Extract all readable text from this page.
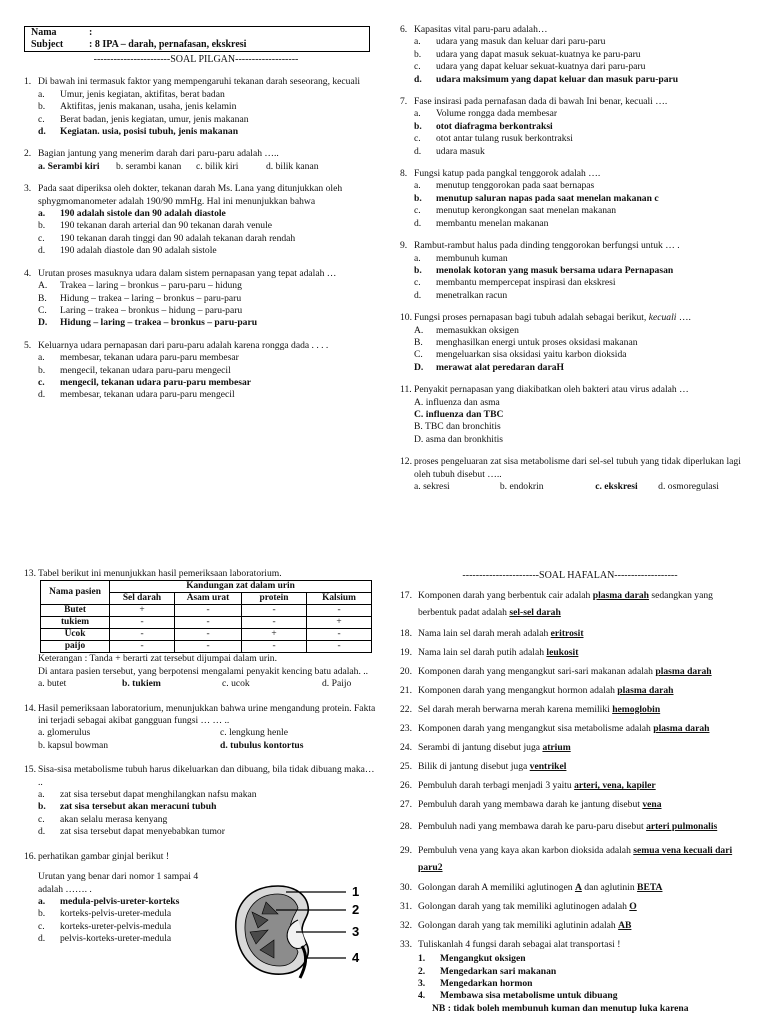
Nama	:
Subject	: 8 IPA – darah, pernafasan, ekskresi
-----------------------SOAL PILGAN-------------------
1. Di bawah ini termasuk faktor yang mempengaruhi tekanan darah seseorang, kecuali
a.	Umur, jenis kegiatan, aktifitas, berat badan
b.	Aktifitas, jenis makanan, usaha, jenis kelamin
c.	Berat badan, jenis kegiatan, umur, jenis makanan
d.	Kegiatan. usia, posisi tubuh, jenis makanan
2. Bagian jantung yang menerim darah dari paru-paru adalah …..
a. Serambi kiri	b. serambi kanan	c. bilik kiri	d. bilik kanan
3. Pada saat diperiksa oleh dokter, tekanan darah Ms. Lana yang ditunjukkan oleh sphygmomanometer adalah 190/90 mmHg. Hal ini menunjukkan bahwa
a.	190 adalah sistole dan 90 adalah diastole
b.	190 tekanan darah arterial dan 90 tekanan darah venule
c.	190 tekanan darah tinggi dan 90 adalah tekanan darah rendah
d.	190 adalah diastole dan 90 adalah sistole
4. Urutan proses masuknya udara dalam sistem pernapasan yang tepat adalah …
A.	Trakea – laring – bronkus – paru-paru – hidung
B.	Hidung – trakea – laring – bronkus – paru-paru
C.	Laring – trakea – bronkus – hidung – paru-paru
D.	Hidung – laring – trakea – bronkus – paru-paru
5. Keluarnya udara pernapasan dari paru-paru adalah karena rongga dada . . . .
a.	membesar, tekanan udara paru-paru membesar
b.	mengecil, tekanan udara paru-paru mengecil
c.	mengecil, tekanan udara paru-paru membesar
d.	membesar, tekanan udara paru-paru mengecil
6. Kapasitas vital paru-paru adalah…
a.	udara yang masuk dan keluar dari paru-paru
b.	udara yang dapat masuk sekuat-kuatnya ke paru-paru
c.	udara yang dapat keluar sekuat-kuatnya dari paru-paru
d.	udara maksimum yang dapat keluar dan masuk paru-paru
7. Fase insirasi pada pernafasan dada di bawah Ini benar, kecuali ….
a.	Volume rongga dada membesar
b.	otot diafragma berkontraksi
c.	otot antar tulang rusuk berkontraksi
d.	udara masuk
8. Fungsi katup pada pangkal tenggorok adalah ….
a.	menutup tenggorokan pada saat bernapas
b.	menutup saluran napas pada saat menelan makanan c
c.	menutup kerongkongan saat menelan makanan
d.	membantu menelan makanan
9. Rambut-rambut halus pada dinding tenggorokan berfungsi untuk … .
a.	membunuh kuman
b.	menolak kotoran yang masuk bersama udara Pernapasan
c.	membantu mempercepat inspirasi dan ekskresi
d.	menetralkan racun
10. Fungsi proses pernapasan bagi tubuh adalah sebagai berikut, kecuali ….
A.	memasukkan oksigen
B.	menghasilkan energi untuk proses oksidasi makanan
C.	mengeluarkan sisa oksidasi yaitu karbon dioksida
D.	merawat alat peredaran daraH
11. Penyakit pernapasan yang diakibatkan oleh bakteri atau virus adalah …
A. influenza dan asma
C. influenza dan TBC
B. TBC dan bronchitis
D. asma dan bronkhitis
12. proses pengeluaran zat sisa metabolisme dari sel-sel tubuh yang tidak diperlukan lagi oleh tubuh disebut …..
a. sekresi	b. endokrin	c. ekskresi	d. osmoregulasi
13. Tabel berikut ini menunjukkan hasil pemeriksaan laboratorium.
Nama pasien	Kandungan zat dalam urin			
	Sel darah	Asam urat	protein	Kalsium
Butet	+	-	-	-
tukiem	-	-	-	+
Ucok	-	-	+	-
paijo	-	-	-	-
Keterangan : Tanda + berarti zat tersebut dijumpai dalam urin.
Di antara pasien tersebut, yang berpotensi mengalami penyakit kencing batu adalah. ..
a. butet	b. tukiem	c. ucok	d. Paijo
14. Hasil pemeriksaan laboratorium, menunjukkan bahwa urine mengandung protein. Fakta ini terjadi sebagai akibat gangguan fungsi … … ..
a. glomerulus	c. lengkung henle
b. kapsul bowman	d. tubulus kontortus
15. Sisa-sisa metabolisme tubuh harus dikeluarkan dan dibuang, bila tidak dibuang maka… ..
a.	zat sisa tersebut dapat menghilangkan nafsu makan
b.	zat sisa tersebut akan meracuni tubuh
c.	akan selalu merasa kenyang
d.	zat sisa tersebut dapat menyebabkan tumor
16. perhatikan gambar ginjal berikut !
Urutan yang benar dari nomor 1 sampai 4 adalah ……. .
a.	medula-pelvis-ureter-korteks
b.	korteks-pelvis-ureter-medula
c.	korteks-ureter-pelvis-medula
d.	pelvis-korteks-ureter-medula
1
2
3
4
-----------------------SOAL HAFALAN-------------------
17. Komponen darah yang berbentuk cair adalah plasma darah sedangkan yang berbentuk padat adalah sel-sel darah
18. Nama lain sel darah merah adalah eritrosit
19. Nama lain sel darah putih adalah leukosit
20. Komponen darah yang mengangkut sari-sari makanan adalah plasma darah
21. Komponen darah yang mengangkut hormon adalah plasma darah
22. Sel darah merah berwarna merah karena memiliki hemoglobin
23. Komponen darah yang mengangkut sisa metabolisme adalah plasma darah
24. Serambi di jantung disebut juga atrium
25. Bilik di jantung disebut juga ventrikel
26. Pembuluh darah terbagi menjadi 3 yaitu arteri, vena, kapiler
27. Pembuluh darah yang membawa darah ke jantung disebut vena
28. Pembuluh nadi yang membawa darah ke paru-paru disebut arteri pulmonalis
29. Pembuluh vena yang kaya akan karbon dioksida adalah semua vena kecuali dari paru2
30. Golongan darah A memiliki aglutinogen A dan aglutinin BETA
31. Golongan darah yang tak memiliki aglutinogen adalah O
32. Golongan darah yang tak memiliki aglutinin adalah AB
33. Tuliskanlah 4 fungsi darah sebagai alat transportasi !
1.	Mengangkut oksigen
2.	Mengedarkan sari makanan
3.	Mengedarkan hormon
4.	Membawa sisa metabolisme untuk dibuang
NB : tidak boleh membunuh kuman dan menutup luka karena
